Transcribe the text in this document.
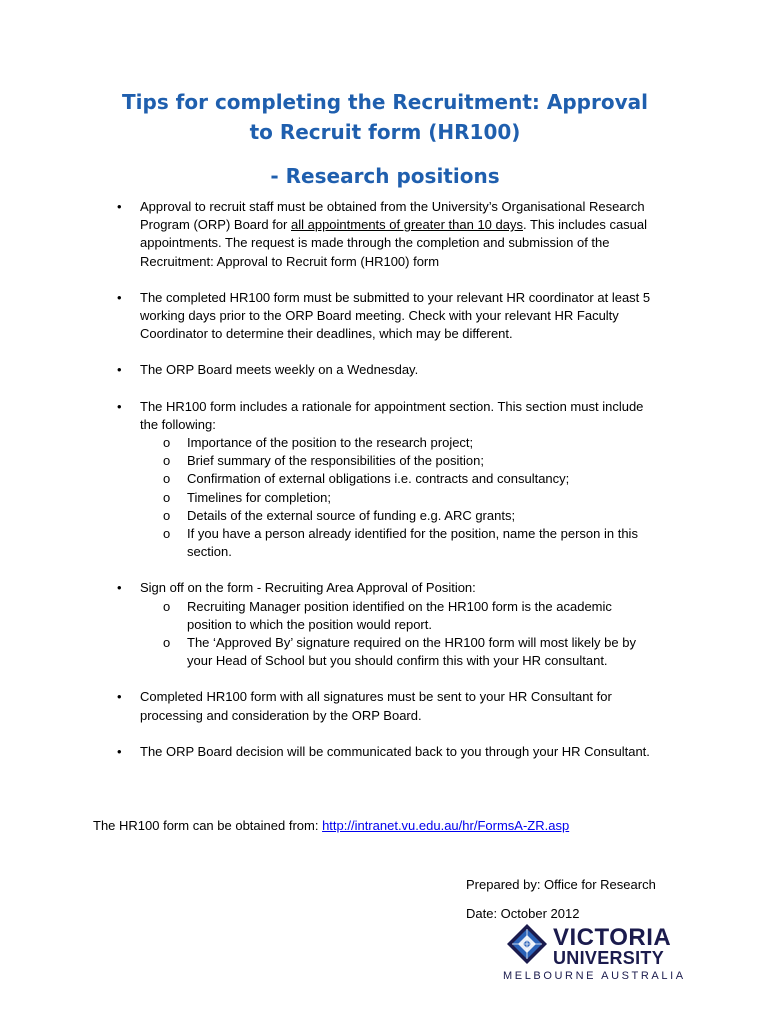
Tips for completing the Recruitment: Approval
to Recruit form (HR100)
- Research positions
• Approval to recruit staff must be obtained from the University’s Organisational Research Program (ORP) Board for all appointments of greater than 10 days. This includes casual appointments. The request is made through the completion and submission of the Recruitment: Approval to Recruit form (HR100) form
• The completed HR100 form must be submitted to your relevant HR coordinator at least 5 working days prior to the ORP Board meeting. Check with your relevant HR Faculty Coordinator to determine their deadlines, which may be different.
• The ORP Board meets weekly on a Wednesday.
• The HR100 form includes a rationale for appointment section. This section must include the following:
o Importance of the position to the research project;
o Brief summary of the responsibilities of the position;
o Confirmation of external obligations i.e. contracts and consultancy;
o Timelines for completion;
o Details of the external source of funding e.g. ARC grants;
o If you have a person already identified for the position, name the person in this section.
• Sign off on the form - Recruiting Area Approval of Position:
o Recruiting Manager position identified on the HR100 form is the academic position to which the position would report.
o The ‘Approved By’ signature required on the HR100 form will most likely be by your Head of School but you should confirm this with your HR consultant.
• Completed HR100 form with all signatures must be sent to your HR Consultant for processing and consideration by the ORP Board.
• The ORP Board decision will be communicated back to you through your HR Consultant.
The HR100 form can be obtained from: http://intranet.vu.edu.au/hr/FormsA-ZR.asp
Prepared by: Office for Research
Date: October 2012
VICTORIA
UNIVERSITY
MELBOURNE AUSTRALIA
